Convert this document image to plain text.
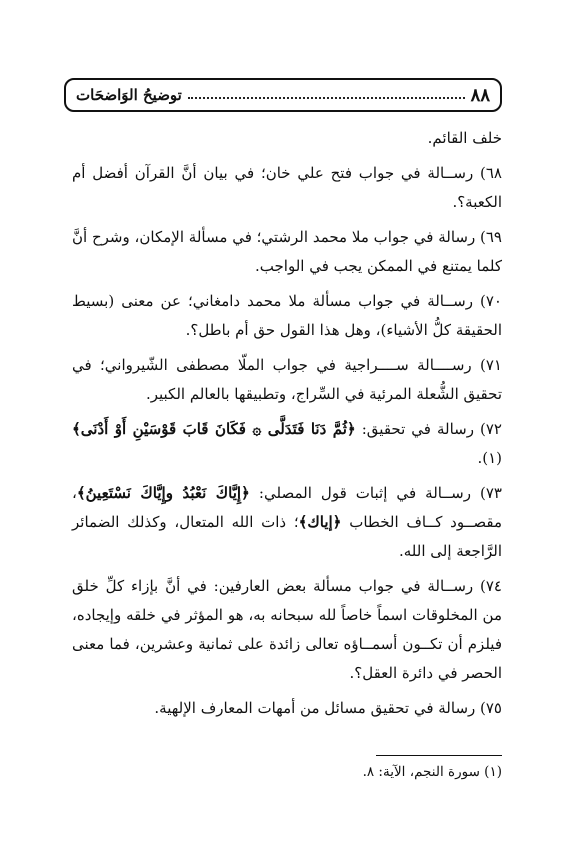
٨٨
توضيحُ الوَاضحَات

خلف القائم.

٦٨) رســالة في جواب فتح علي خان؛ في بيان أنَّ القرآن أفضل أم الكعبة؟.

٦٩) رسالة في جواب ملا محمد الرشتي؛ في مسألة الإمكان، وشرح أنَّ كلما يمتنع في الممكن يجب في الواجب.

٧٠) رســالة في جواب مسألة ملا محمد دامغاني؛ عن معنى (بسيط الحقيقة كلُّ الأشياء)، وهل هذا القول حق أم باطل؟.

٧١) رســــالة ســــراجية في جواب الملّا مصطفى الشّيرواني؛ في تحقيق الشُّعلة المرئية في السِّراج، وتطبيقها بالعالم الكبير.

٧٢) رسالة في تحقيق: ﴿ثُمَّ دَنَا فَتَدَلَّى ۞ فَكَانَ قَابَ قَوْسَيْنِ أَوْ أَدْنَى﴾(١).

٧٣) رســالة في إثبات قول المصلي: ﴿إِيَّاكَ نَعْبُدُ وإِيَّاكَ نَسْتَعِينُ﴾، مقصــود كــاف الخطاب ﴿إياك﴾؛ ذات الله المتعال، وكذلك الضمائر الرَّاجعة إلى الله.

٧٤) رســالة في جواب مسألة بعض العارفين: في أنَّ بإزاء كلِّ خلق من المخلوقات اسماً خاصاً لله سبحانه به، هو المؤثر في خلقه وإيجاده، فيلزم أن تكــون أسمــاؤه تعالى زائدة على ثمانية وعشرين، فما معنى الحصر في دائرة العقل؟.

٧٥) رسالة في تحقيق مسائل من أمهات المعارف الإلهية.

(١) سورة النجم، الآية: ٨.
